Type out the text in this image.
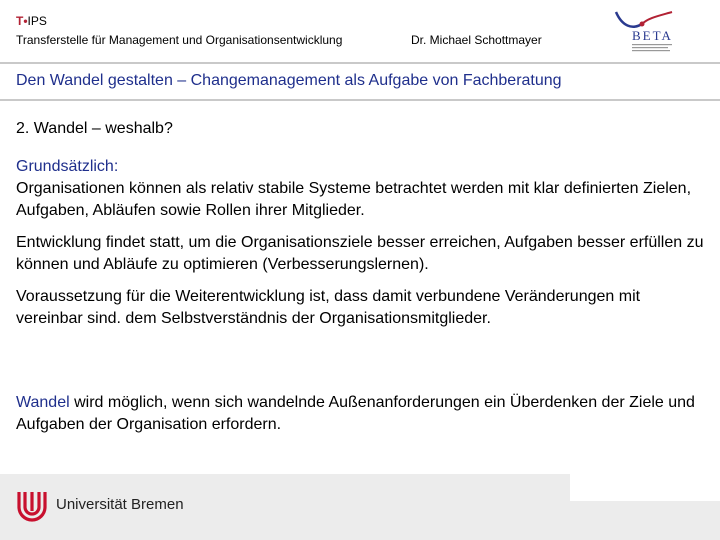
T•IPS
Transferstelle für Management und Organisationsentwicklung	Dr. Michael Schottmayer	BETA
Den Wandel gestalten – Changemanagement als Aufgabe von Fachberatung
2. Wandel – weshalb?
Grundsätzlich:
Organisationen können als relativ stabile Systeme betrachtet werden mit klar definierten Zielen, Aufgaben, Abläufen sowie Rollen ihrer Mitglieder.
Entwicklung findet statt, um die Organisationsziele besser erreichen, Aufgaben besser erfüllen zu können und Abläufe zu optimieren (Verbesserungslernen).
Voraussetzung für die Weiterentwicklung ist, dass damit verbundene Veränderungen mit vereinbar sind. dem Selbstverständnis der Organisationsmitglieder.
Wandel wird möglich, wenn sich wandelnde Außenanforderungen ein Überdenken der Ziele und Aufgaben der Organisation erfordern.
Universität Bremen
